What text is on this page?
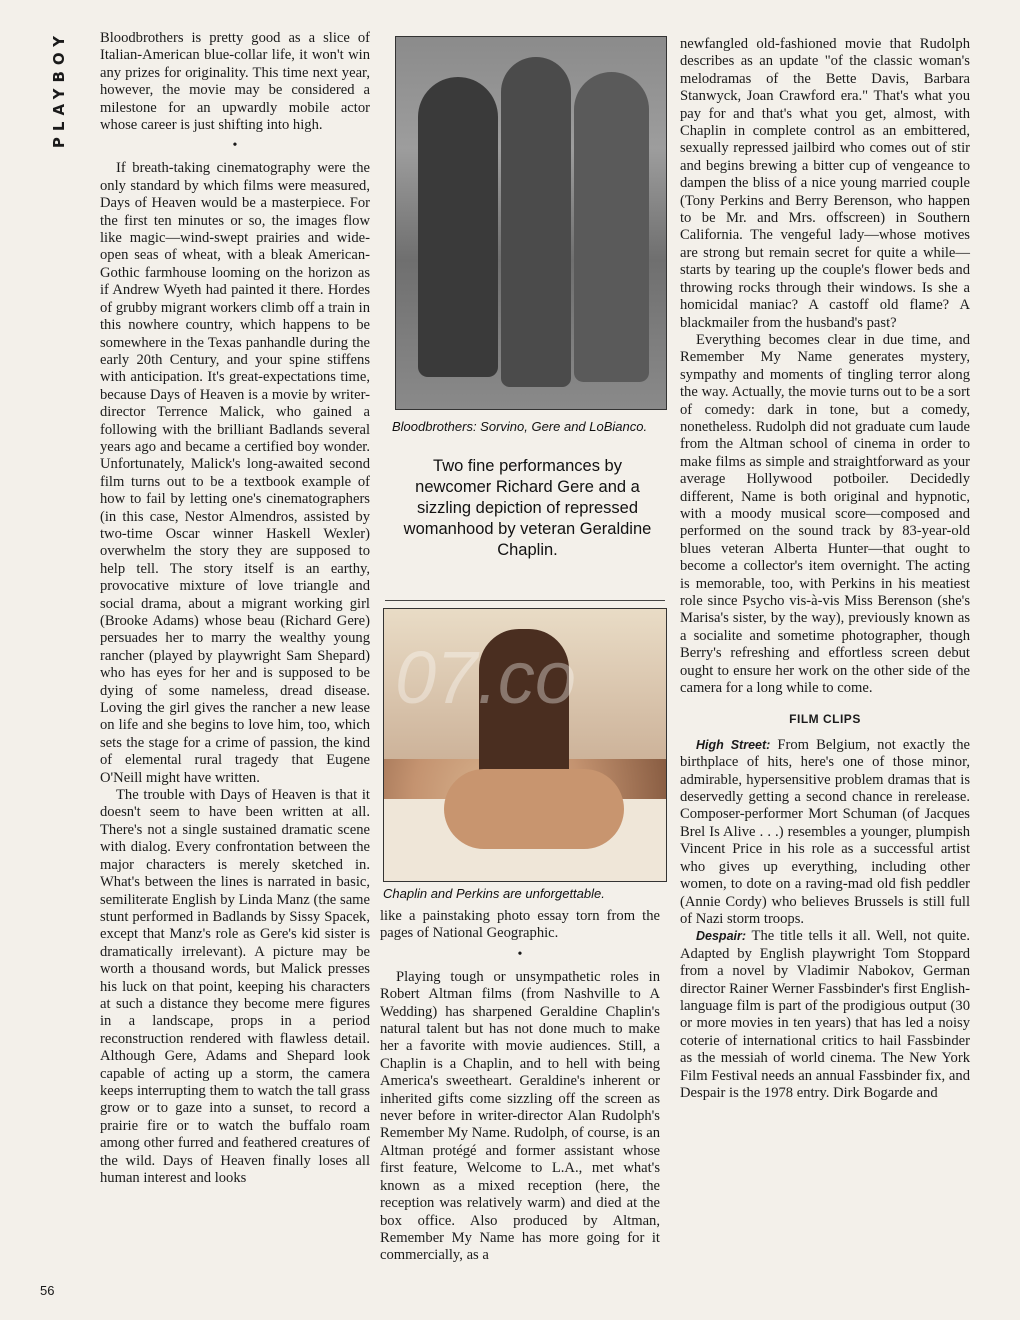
PLAYBOY
56

Bloodbrothers is pretty good as a slice of Italian-American blue-collar life, it won't win any prizes for originality. This time next year, however, the movie may be considered a milestone for an upwardly mobile actor whose career is just shifting into high.

•

If breath-taking cinematography were the only standard by which films were measured, Days of Heaven would be a masterpiece. For the first ten minutes or so, the images flow like magic—wind-swept prairies and wide-open seas of wheat, with a bleak American-Gothic farmhouse looming on the horizon as if Andrew Wyeth had painted it there. Hordes of grubby migrant workers climb off a train in this nowhere country, which happens to be somewhere in the Texas panhandle during the early 20th Century, and your spine stiffens with anticipation. It's great-expectations time, because Days of Heaven is a movie by writer-director Terrence Malick, who gained a following with the brilliant Badlands several years ago and became a certified boy wonder. Unfortunately, Malick's long-awaited second film turns out to be a textbook example of how to fail by letting one's cinematographers (in this case, Nestor Almendros, assisted by two-time Oscar winner Haskell Wexler) overwhelm the story they are supposed to help tell. The story itself is an earthy, provocative mixture of love triangle and social drama, about a migrant working girl (Brooke Adams) whose beau (Richard Gere) persuades her to marry the wealthy young rancher (played by playwright Sam Shepard) who has eyes for her and is supposed to be dying of some nameless, dread disease. Loving the girl gives the rancher a new lease on life and she begins to love him, too, which sets the stage for a crime of passion, the kind of elemental rural tragedy that Eugene O'Neill might have written.

The trouble with Days of Heaven is that it doesn't seem to have been written at all. There's not a single sustained dramatic scene with dialog. Every confrontation between the major characters is merely sketched in. What's between the lines is narrated in basic, semiliterate English by Linda Manz (the same stunt performed in Badlands by Sissy Spacek, except that Manz's role as Gere's kid sister is dramatically irrelevant). A picture may be worth a thousand words, but Malick presses his luck on that point, keeping his characters at such a distance they become mere figures in a landscape, props in a period reconstruction rendered with flawless detail. Although Gere, Adams and Shepard look capable of acting up a storm, the camera keeps interrupting them to watch the tall grass grow or to gaze into a sunset, to record a prairie fire or to watch the buffalo roam among other furred and feathered creatures of the wild. Days of Heaven finally loses all human interest and looks

Bloodbrothers: Sorvino, Gere and LoBianco.
Two fine performances by newcomer Richard Gere and a sizzling depiction of repressed womanhood by veteran Geraldine Chaplin.
07.co
Chaplin and Perkins are unforgettable.

like a painstaking photo essay torn from the pages of National Geographic.

•

Playing tough or unsympathetic roles in Robert Altman films (from Nashville to A Wedding) has sharpened Geraldine Chaplin's natural talent but has not done much to make her a favorite with movie audiences. Still, a Chaplin is a Chaplin, and to hell with being America's sweetheart. Geraldine's inherent or inherited gifts come sizzling off the screen as never before in writer-director Alan Rudolph's Remember My Name. Rudolph, of course, is an Altman protégé and former assistant whose first feature, Welcome to L.A., met what's known as a mixed reception (here, the reception was relatively warm) and died at the box office. Also produced by Altman, Remember My Name has more going for it commercially, as a

newfangled old-fashioned movie that Rudolph describes as an update "of the classic woman's melodramas of the Bette Davis, Barbara Stanwyck, Joan Crawford era." That's what you pay for and that's what you get, almost, with Chaplin in complete control as an embittered, sexually repressed jailbird who comes out of stir and begins brewing a bitter cup of vengeance to dampen the bliss of a nice young married couple (Tony Perkins and Berry Berenson, who happen to be Mr. and Mrs. offscreen) in Southern California. The vengeful lady—whose motives are strong but remain secret for quite a while—starts by tearing up the couple's flower beds and throwing rocks through their windows. Is she a homicidal maniac? A castoff old flame? A blackmailer from the husband's past?

Everything becomes clear in due time, and Remember My Name generates mystery, sympathy and moments of tingling terror along the way. Actually, the movie turns out to be a sort of comedy: dark in tone, but a comedy, nonetheless. Rudolph did not graduate cum laude from the Altman school of cinema in order to make films as simple and straightforward as your average Hollywood potboiler. Decidedly different, Name is both original and hypnotic, with a moody musical score—composed and performed on the sound track by 83-year-old blues veteran Alberta Hunter—that ought to become a collector's item overnight. The acting is memorable, too, with Perkins in his meatiest role since Psycho vis-à-vis Miss Berenson (she's Marisa's sister, by the way), previously known as a socialite and sometime photographer, though Berry's refreshing and effortless screen debut ought to ensure her work on the other side of the camera for a long while to come.

FILM CLIPS

High Street: From Belgium, not exactly the birthplace of hits, here's one of those minor, admirable, hypersensitive problem dramas that is deservedly getting a second chance in rerelease. Composer-performer Mort Schuman (of Jacques Brel Is Alive . . .) resembles a younger, plumpish Vincent Price in his role as a successful artist who gives up everything, including other women, to dote on a raving-mad old fish peddler (Annie Cordy) who believes Brussels is still full of Nazi storm troops.

Despair: The title tells it all. Well, not quite. Adapted by English playwright Tom Stoppard from a novel by Vladimir Nabokov, German director Rainer Werner Fassbinder's first English-language film is part of the prodigious output (30 or more movies in ten years) that has led a noisy coterie of international critics to hail Fassbinder as the messiah of world cinema. The New York Film Festival needs an annual Fassbinder fix, and Despair is the 1978 entry. Dirk Bogarde and
